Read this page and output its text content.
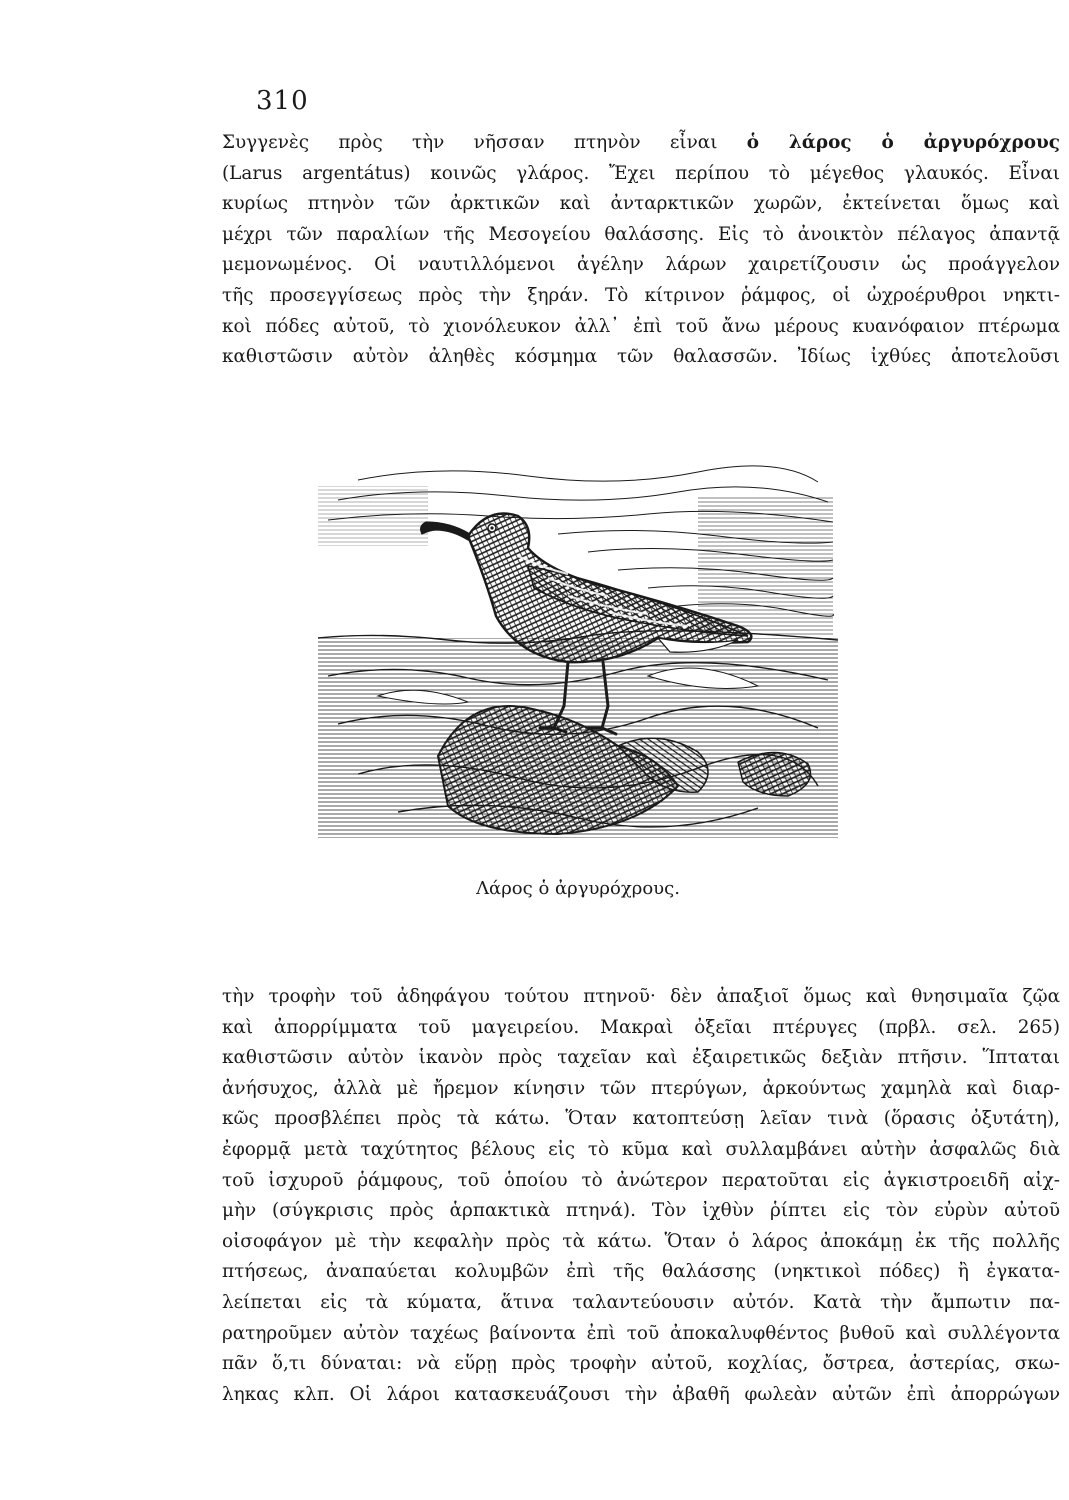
310
Συγγενὲς πρὸς τὴν νῆσσαν πτηνὸν εἶναι ὁ λάρος ὁ ἀργυρόχρους
(Larus argentátus) κοινῶς γλάρος. Ἔχει περίπου τὸ μέγεθος γλαυκός. Εἶναι
κυρίως πτηνὸν τῶν ἀρκτικῶν καὶ ἀνταρκτικῶν χωρῶν, ἐκτείνεται ὅμως καὶ
μέχρι τῶν παραλίων τῆς Μεσογείου θαλάσσης. Εἰς τὸ ἀνοικτὸν πέλαγος ἀπαντᾷ
μεμονωμένος. Οἱ ναυτιλλόμενοι ἀγέλην λάρων χαιρετίζουσιν ὡς προάγγελον
τῆς προσεγγίσεως πρὸς τὴν ξηράν. Τὸ κίτρινον ῥάμφος, οἱ ὠχροέρυθροι νηκτι-
κοὶ πόδες αὐτοῦ, τὸ χιονόλευκον ἀλλ᾽ ἐπὶ τοῦ ἄνω μέρους κυανόφαιον πτέρωμα
καθιστῶσιν αὐτὸν ἀληθὲς κόσμημα τῶν θαλασσῶν. Ἰδίως ἰχθύες ἀποτελοῦσι
Λάρος ὁ ἀργυρόχρους.
τὴν τροφὴν τοῦ ἀδηφάγου τούτου πτηνοῦ· δὲν ἀπαξιοῖ ὅμως καὶ θνησιμαῖα ζῷα
καὶ ἀπορρίμματα τοῦ μαγειρείου. Μακραὶ ὀξεῖαι πτέρυγες (πρβλ. σελ. 265)
καθιστῶσιν αὐτὸν ἱκανὸν πρὸς ταχεῖαν καὶ ἐξαιρετικῶς δεξιὰν πτῆσιν. Ἵπταται
ἀνήσυχος, ἀλλὰ μὲ ἤρεμον κίνησιν τῶν πτερύγων, ἀρκούντως χαμηλὰ καὶ διαρ-
κῶς προσβλέπει πρὸς τὰ κάτω. Ὅταν κατοπτεύσῃ λεῖαν τινὰ (ὅρασις ὀξυτάτη),
ἐφορμᾷ μετὰ ταχύτητος βέλους εἰς τὸ κῦμα καὶ συλλαμβάνει αὐτὴν ἀσφαλῶς διὰ
τοῦ ἰσχυροῦ ῥάμφους, τοῦ ὁποίου τὸ ἀνώτερον περατοῦται εἰς ἀγκιστροειδῆ αἰχ-
μὴν (σύγκρισις πρὸς ἁρπακτικὰ πτηνά). Τὸν ἰχθὺν ῥίπτει εἰς τὸν εὐρὺν αὐτοῦ
οἰσοφάγον μὲ τὴν κεφαλὴν πρὸς τὰ κάτω. Ὅταν ὁ λάρος ἀποκάμῃ ἐκ τῆς πολλῆς
πτήσεως, ἀναπαύεται κολυμβῶν ἐπὶ τῆς θαλάσσης (νηκτικοὶ πόδες) ἢ ἐγκατα-
λείπεται εἰς τὰ κύματα, ἅτινα ταλαντεύουσιν αὐτόν. Κατὰ τὴν ἄμπωτιν πα-
ρατηροῦμεν αὐτὸν ταχέως βαίνοντα ἐπὶ τοῦ ἀποκαλυφθέντος βυθοῦ καὶ συλλέγοντα
πᾶν ὅ,τι δύναται: νὰ εὕρῃ πρὸς τροφὴν αὐτοῦ, κοχλίας, ὄστρεα, ἀστερίας, σκω-
ληκας κλπ. Οἱ λάροι κατασκευάζουσι τὴν ἀβαθῆ φωλεὰν αὐτῶν ἐπὶ ἀπορρώγων
